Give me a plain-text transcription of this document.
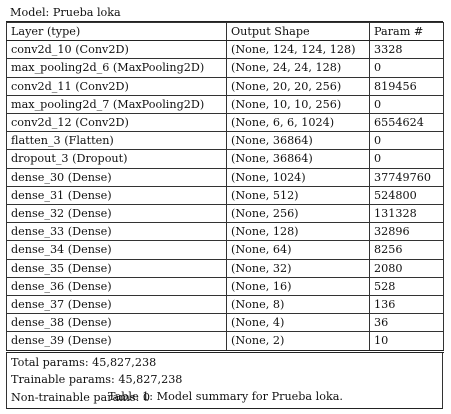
Model: Prueba loka
Layer (type)	Output Shape	Param #
conv2d_10 (Conv2D)	(None, 124, 124, 128)	3328
max_pooling2d_6 (MaxPooling2D)	(None, 24, 24, 128)	0
conv2d_11 (Conv2D)	(None, 20, 20, 256)	819456
max_pooling2d_7 (MaxPooling2D)	(None, 10, 10, 256)	0
conv2d_12 (Conv2D)	(None, 6, 6, 1024)	6554624
flatten_3 (Flatten)	(None, 36864)	0
dropout_3 (Dropout)	(None, 36864)	0
dense_30 (Dense)	(None, 1024)	37749760
dense_31 (Dense)	(None, 512)	524800
dense_32 (Dense)	(None, 256)	131328
dense_33 (Dense)	(None, 128)	32896
dense_34 (Dense)	(None, 64)	8256
dense_35 (Dense)	(None, 32)	2080
dense_36 (Dense)	(None, 16)	528
dense_37 (Dense)	(None, 8)	136
dense_38 (Dense)	(None, 4)	36
dense_39 (Dense)	(None, 2)	10
Total params: 45,827,238
Trainable params: 45,827,238
Non-trainable params: 0
Table 1: Model summary for Prueba loka.
